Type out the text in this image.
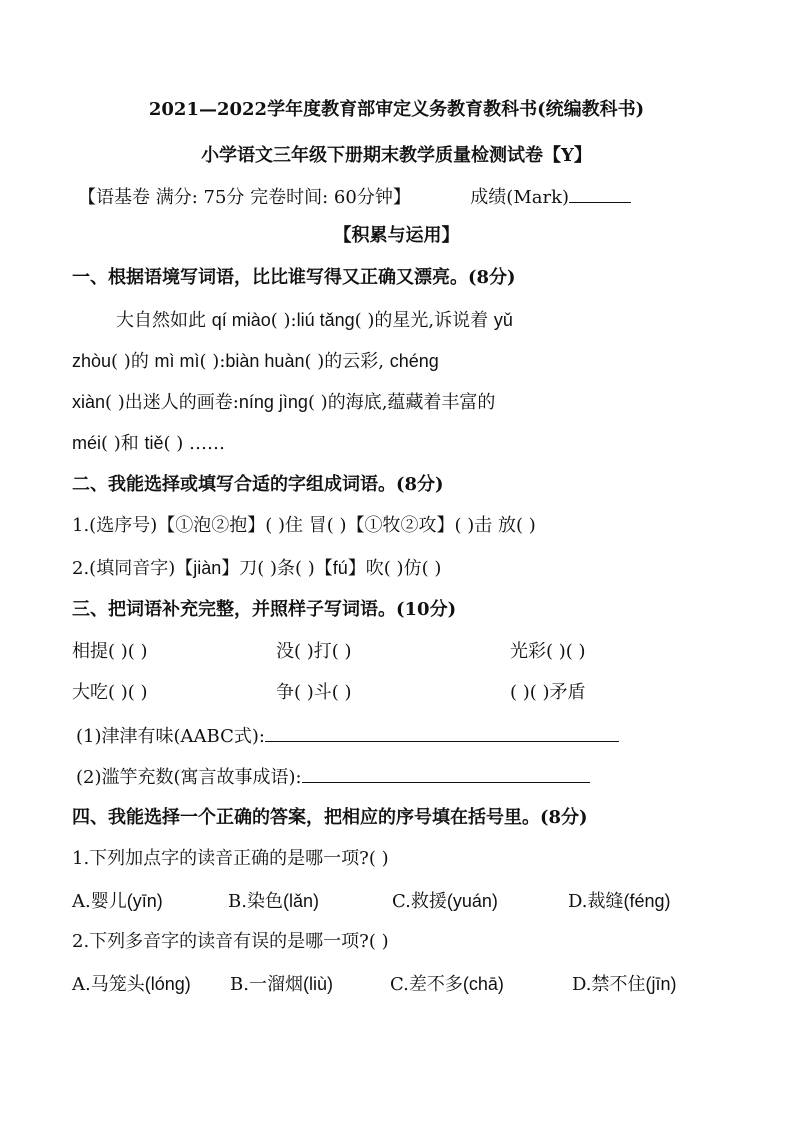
2021—2022学年度教育部审定义务教育教科书(统编教科书)
小学语文三年级下册期末教学质量检测试卷【Y】
【语基卷 满分: 75分 完卷时间: 60分钟】	成绩(Mark)
【积累与运用】
一、根据语境写词语，比比谁写得又正确又漂亮。(8分)
大自然如此 qí miào( ):liú tǎng( )的星光,诉说着 yǔ
zhòu( )的 mì mì( ):biàn huàn( )的云彩, chéng
xiàn( )出迷人的画卷:níng jìng( )的海底,蕴藏着丰富的
méi( )和 tiě( ) ……
二、我能选择或填写合适的字组成词语。(8分)
1.(选序号)【①泡②抱】( )住 冒( )【①牧②攻】( )击 放( )
2.(填同音字)【jiàn】刀( )条( )【fú】吹( )仿( )
三、把词语补充完整，并照样子写词语。(10分)
相提( )( )	没( )打( )	光彩( )( )
大吃( )( )	争( )斗( )	( )( )矛盾
(1)津津有味(AABC式):
(2)滥竽充数(寓言故事成语):
四、我能选择一个正确的答案，把相应的序号填在括号里。(8分)
1.下列加点字的读音正确的是哪一项?( )
A.婴儿(yīn)	B.染色(lǎn)	C.救援(yuán)	D.裁缝(féng)
2.下列多音字的读音有误的是哪一项?( )
A.马笼头(lóng) B.一溜烟(liù)	C.差不多(chā)	D.禁不住(jīn)
